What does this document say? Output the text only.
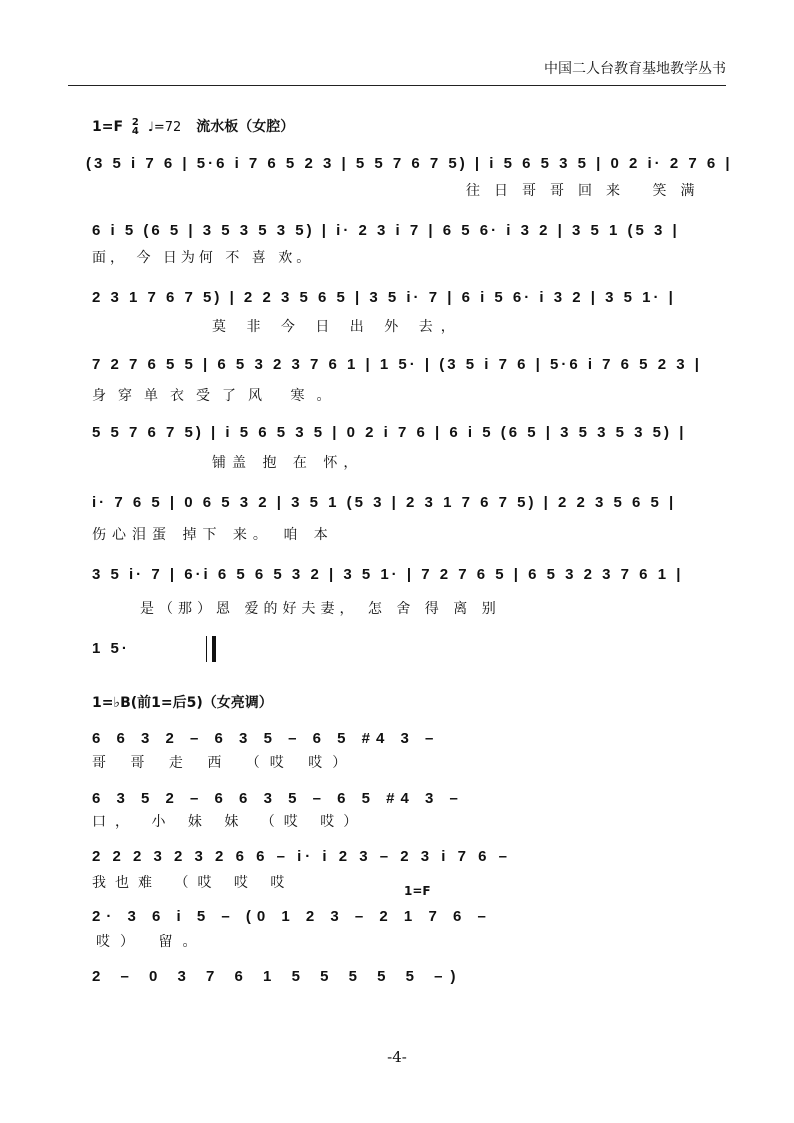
中国二人台教育基地教学丛书
1=F 2
4 ♩=72 流水板（女腔）
(3 5 i 7 6 | 5·6 i 7 6 5 2 3 | 5 5 7 6 7 5) | i 5 6 5 3 5 | 0 2 i· 2 7 6 |
往日哥哥回来 笑满
6 i 5 (6 5 | 3 5 3 5 3 5) | i· 2 3 i 7 | 6 5 6· i 3 2 | 3 5 1 (5 3 |
面， 今 日为何 不 喜 欢。
2 3 1 7 6 7 5) | 2 2 3 5 6 5 | 3 5 i· 7 | 6 i 5 6· i 3 2 | 3 5 1· |
莫 非 今 日 出 外 去，
7 2 7 6 5 5 | 6 5 3 2 3 7 6 1 | 1 5· | (3 5 i 7 6 | 5·6 i 7 6 5 2 3 |
身穿单衣受了风 寒。
5 5 7 6 7 5) | i 5 6 5 3 5 | 0 2 i 7 6 | 6 i 5 (6 5 | 3 5 3 5 3 5) |
铺盖 抱 在 怀，
i· 7 6 5 | 0 6 5 3 2 | 3 5 1 (5 3 | 2 3 1 7 6 7 5) | 2 2 3 5 6 5 |
伤心泪蛋 掉下 来。 咱 本
3 5 i· 7 | 6·i 6 5 6 5 3 2 | 3 5 1· | 7 2 7 6 5 | 6 5 3 2 3 7 6 1 |
是（那）恩 爱的好夫妻， 怎 舍 得 离 别
1 5·
1=♭B(前1=后5)（女亮调）
6 6 3 2 – 6 3 5 – 6 5 #4 3 –
哥 哥 走 西 （哎 哎）
6 3 5 2 – 6 6 3 5 – 6 5 #4 3 –
口， 小 妹 妹 （哎 哎）
2 2 2 3 2 3 2 6 6 – i· i 2 3 – 2 3 i 7 6 –
我也难 （哎 哎 哎	1=F
2· 3 6 i 5 – (0 1 2 3 – 2 1 7 6 –
哎） 留。
2 – 0 3 7 6 1 5 5 5 5 5 –)
-4-
